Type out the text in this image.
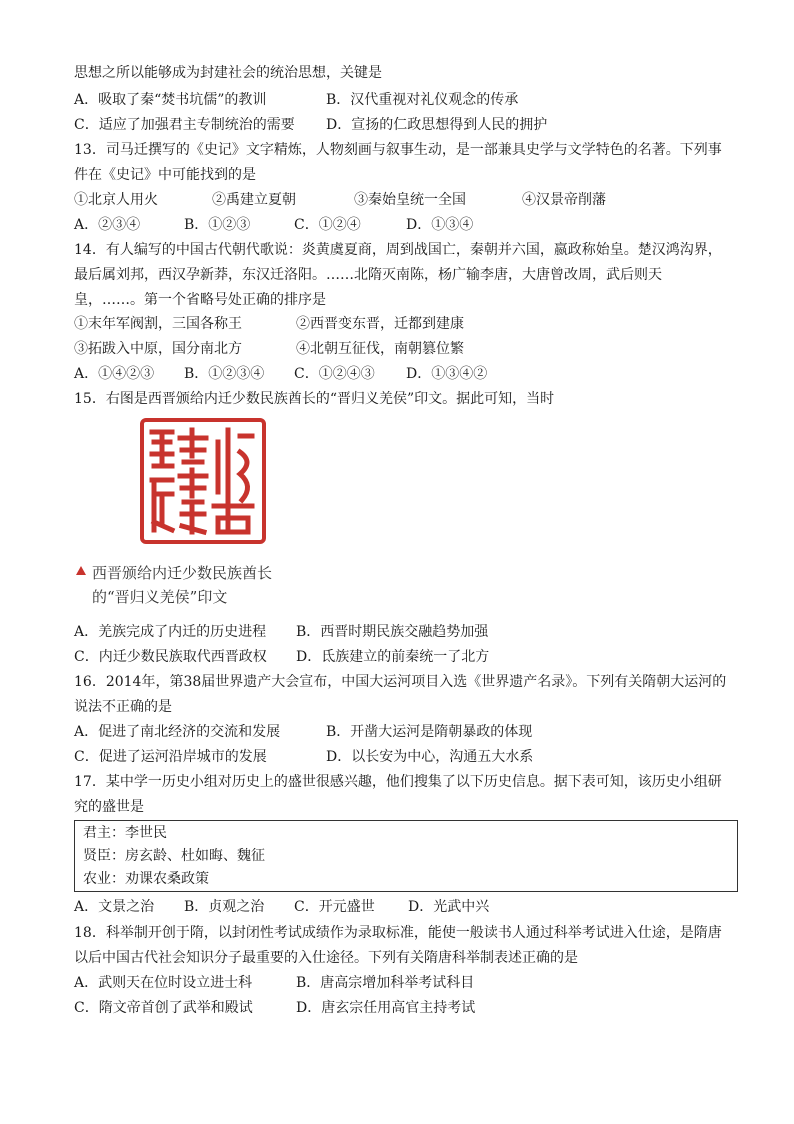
思想之所以能够成为封建社会的统治思想，关键是
A．吸取了秦“焚书坑儒”的教训	B．汉代重视对礼仪观念的传承
C．适应了加强君主专制统治的需要 D．宣扬的仁政思想得到人民的拥护
13．司马迁撰写的《史记》文字精炼，人物刻画与叙事生动，是一部兼具史学与文学特色的名著。下列事
件在《史记》中可能找到的是
①北京人用火	②禹建立夏朝	③秦始皇统一全国	④汉景帝削藩
A．②③④	B．①②③	C．①②④	D．①③④
14．有人编写的中国古代朝代歌说：炎黄虞夏商，周到战国亡，秦朝并六国，嬴政称始皇。楚汉鸿沟界，
最后属刘邦，西汉孕新莽，东汉迁洛阳。……北隋灭南陈，杨广输李唐，大唐曾改周，武后则天
皇，……。第一个省略号处正确的排序是
①末年军阀割，三国各称王	②西晋变东晋，迁都到建康
③拓跋入中原，国分南北方	④北朝互征伐，南朝篡位繁
A．①④②③ B．①②③④ C．①②④③ D．①③④②
15．右图是西晋颁给内迁少数民族酋长的“晋归义羌侯”印文。据此可知，当时
西晋颁给内迁少数民族酋长
的“晋归义羌侯”印文
A．羌族完成了内迁的历史进程 B．西晋时期民族交融趋势加强
C．内迁少数民族取代西晋政权 D．氐族建立的前秦统一了北方
16．2014年，第38届世界遗产大会宣布，中国大运河项目入选《世界遗产名录》。下列有关隋朝大运河的
说法不正确的是
A．促进了南北经济的交流和发展	B．开凿大运河是隋朝暴政的体现
C．促进了运河沿岸城市的发展	D．以长安为中心，沟通五大水系
17．某中学一历史小组对历史上的盛世很感兴趣，他们搜集了以下历史信息。据下表可知，该历史小组研
究的盛世是
君主：李世民
贤臣：房玄龄、杜如晦、魏征
农业：劝课农桑政策
A．文景之治 B．贞观之治 C．开元盛世 D．光武中兴
18．科举制开创于隋，以封闭性考试成绩作为录取标准，能使一般读书人通过科举考试进入仕途，是隋唐
以后中国古代社会知识分子最重要的入仕途径。下列有关隋唐科举制表述正确的是
A．武则天在位时设立进士科	B．唐高宗增加科举考试科目
C．隋文帝首创了武举和殿试	D．唐玄宗任用高官主持考试
